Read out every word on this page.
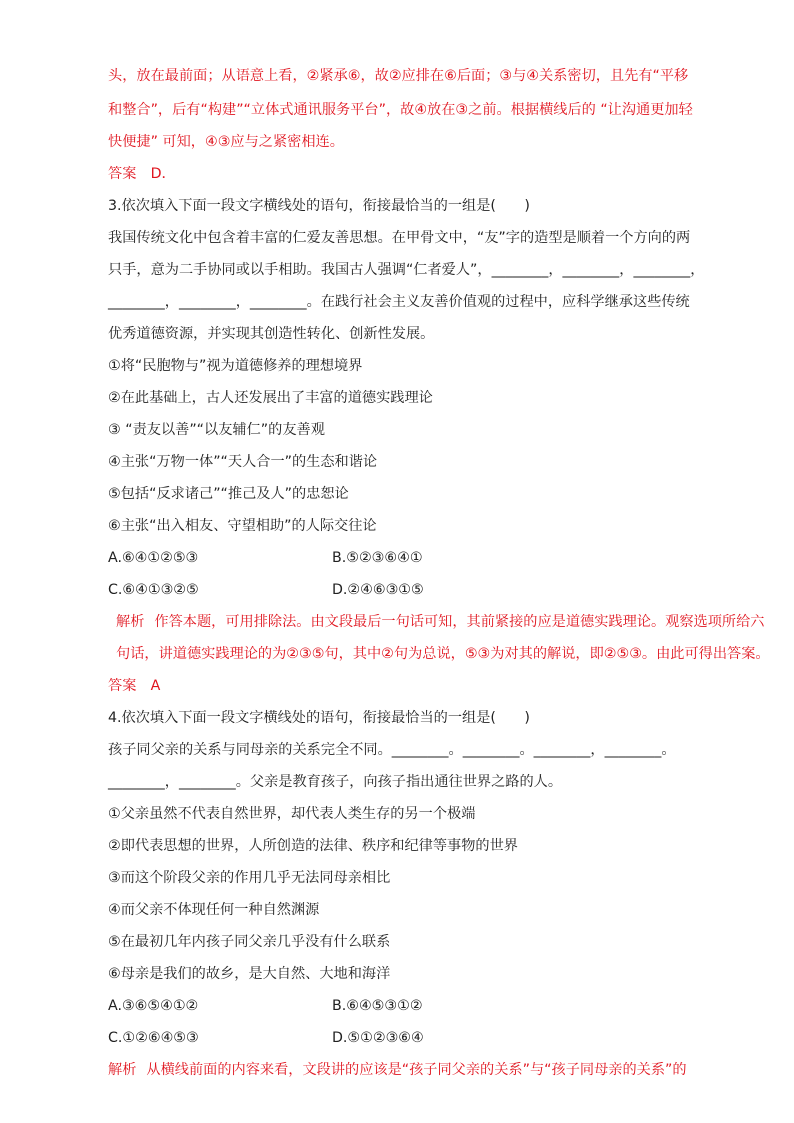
头，放在最前面；从语意上看，②紧承⑥，故②应排在⑥后面；③与④关系密切，且先有“平移
和整合”，后有“构建”“立体式通讯服务平台”，故④放在③之前。根据横线后的 “让沟通更加轻
快便捷” 可知，④③应与之紧密相连。
答案　D．
3.依次填入下面一段文字横线处的语句，衔接最恰当的一组是(　　)
我国传统文化中包含着丰富的仁爱友善思想。在甲骨文中，“友”字的造型是顺着一个方向的两
只手，意为二手协同或以手相助。我国古人强调“仁者爱人”，________，________，________，
________，________，________。在践行社会主义友善价值观的过程中，应科学继承这些传统
优秀道德资源，并实现其创造性转化、创新性发展。
①将“民胞物与”视为道德修养的理想境界
②在此基础上，古人还发展出了丰富的道德实践理论
③ “责友以善”“以友辅仁”的友善观
④主张“万物一体”“天人合一”的生态和谐论
⑤包括“反求诸己”“推己及人”的忠恕论
⑥主张“出入相友、守望相助”的人际交往论
A.⑥④①②⑤③	B.⑤②③⑥④①
C.⑥④①③②⑤	D.②④⑥③①⑤
解析 作答本题，可用排除法。由文段最后一句话可知，其前紧接的应是道德实践理论。观察选项所给六
句话，讲道德实践理论的为②③⑤句，其中②句为总说，⑤③为对其的解说，即②⑤③。由此可得出答案。
答案　A
4.依次填入下面一段文字横线处的语句，衔接最恰当的一组是(　　)
孩子同父亲的关系与同母亲的关系完全不同。________。________。________，________。
________，________。父亲是教育孩子，向孩子指出通往世界之路的人。
①父亲虽然不代表自然世界，却代表人类生存的另一个极端
②即代表思想的世界，人所创造的法律、秩序和纪律等事物的世界
③而这个阶段父亲的作用几乎无法同母亲相比
④而父亲不体现任何一种自然渊源
⑤在最初几年内孩子同父亲几乎没有什么联系
⑥母亲是我们的故乡，是大自然、大地和海洋
A.③⑥⑤④①②	B.⑥④⑤③①②
C.①②⑥④⑤③	D.⑤①②③⑥④
解析 从横线前面的内容来看，文段讲的应该是“孩子同父亲的关系”与“孩子同母亲的关系”的
